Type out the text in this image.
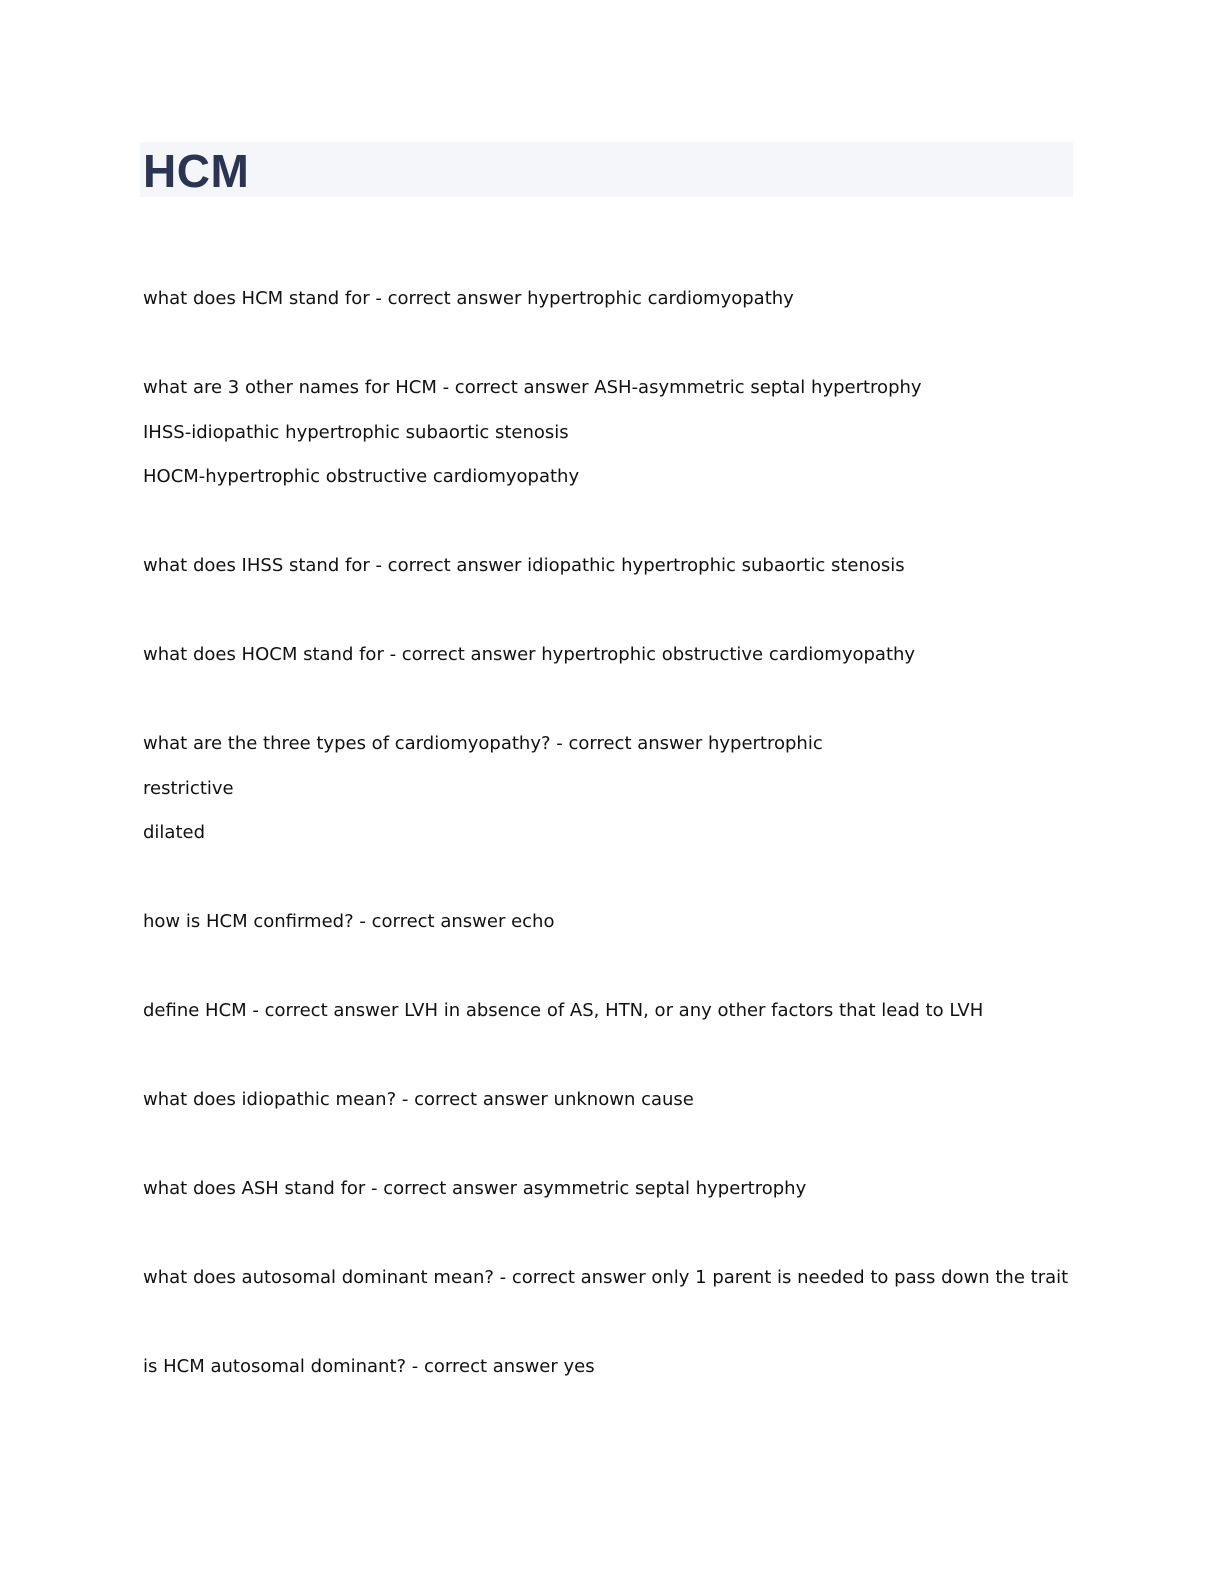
HCM
what does HCM stand for - correct answer hypertrophic cardiomyopathy
what are 3 other names for HCM - correct answer ASH-asymmetric septal hypertrophy
IHSS-idiopathic hypertrophic subaortic stenosis
HOCM-hypertrophic obstructive cardiomyopathy
what does IHSS stand for - correct answer idiopathic hypertrophic subaortic stenosis
what does HOCM stand for - correct answer hypertrophic obstructive cardiomyopathy
what are the three types of cardiomyopathy? - correct answer hypertrophic
restrictive
dilated
how is HCM confirmed? - correct answer echo
define HCM - correct answer LVH in absence of AS, HTN, or any other factors that lead to LVH
what does idiopathic mean? - correct answer unknown cause
what does ASH stand for - correct answer asymmetric septal hypertrophy
what does autosomal dominant mean? - correct answer only 1 parent is needed to pass down the trait
is HCM autosomal dominant? - correct answer yes
